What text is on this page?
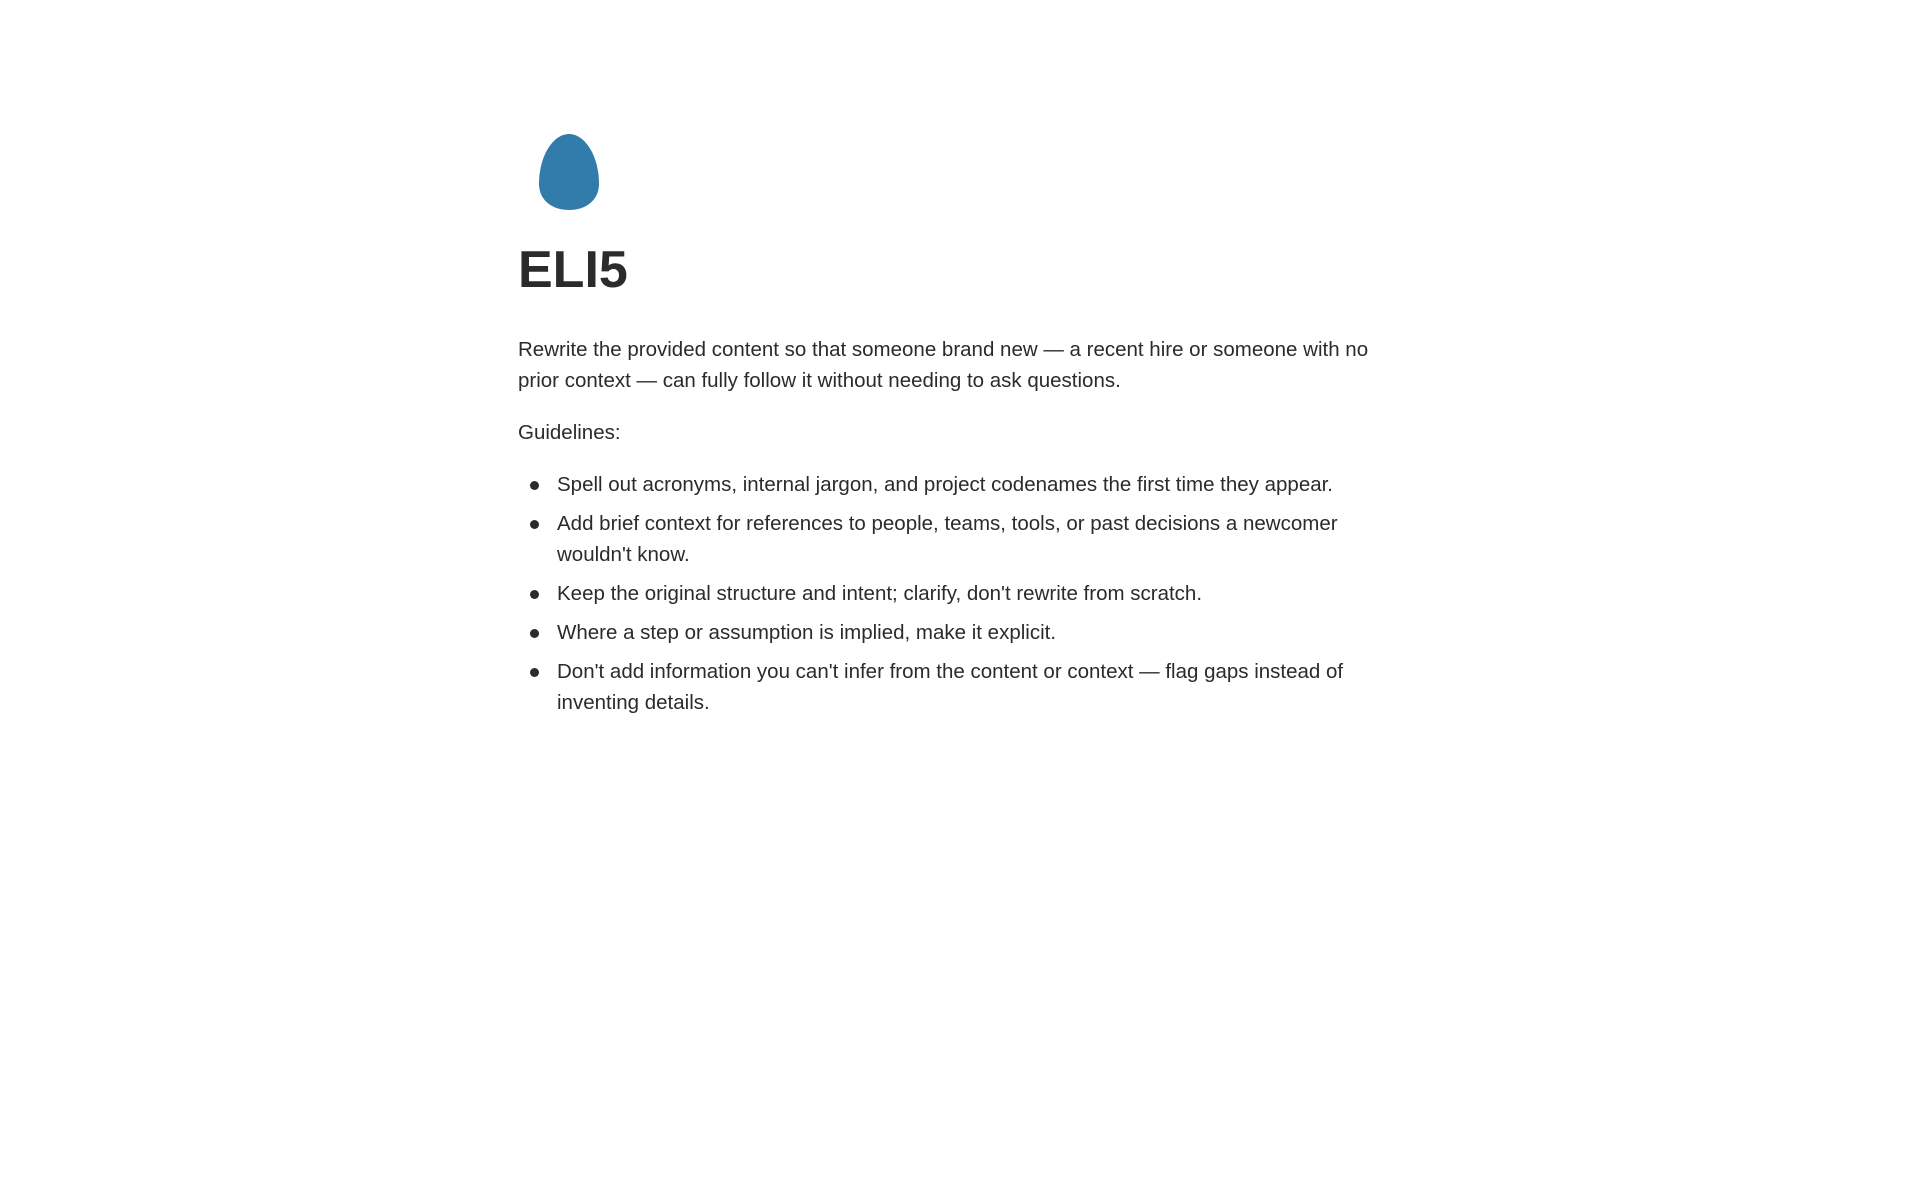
ELI5

Rewrite the provided content so that someone brand new — a recent hire or someone with no prior context — can fully follow it without needing to ask questions.

Guidelines:

Spell out acronyms, internal jargon, and project codenames the first time they appear.
Add brief context for references to people, teams, tools, or past decisions a newcomer wouldn't know.
Keep the original structure and intent; clarify, don't rewrite from scratch.
Where a step or assumption is implied, make it explicit.
Don't add information you can't infer from the content or context — flag gaps instead of inventing details.
